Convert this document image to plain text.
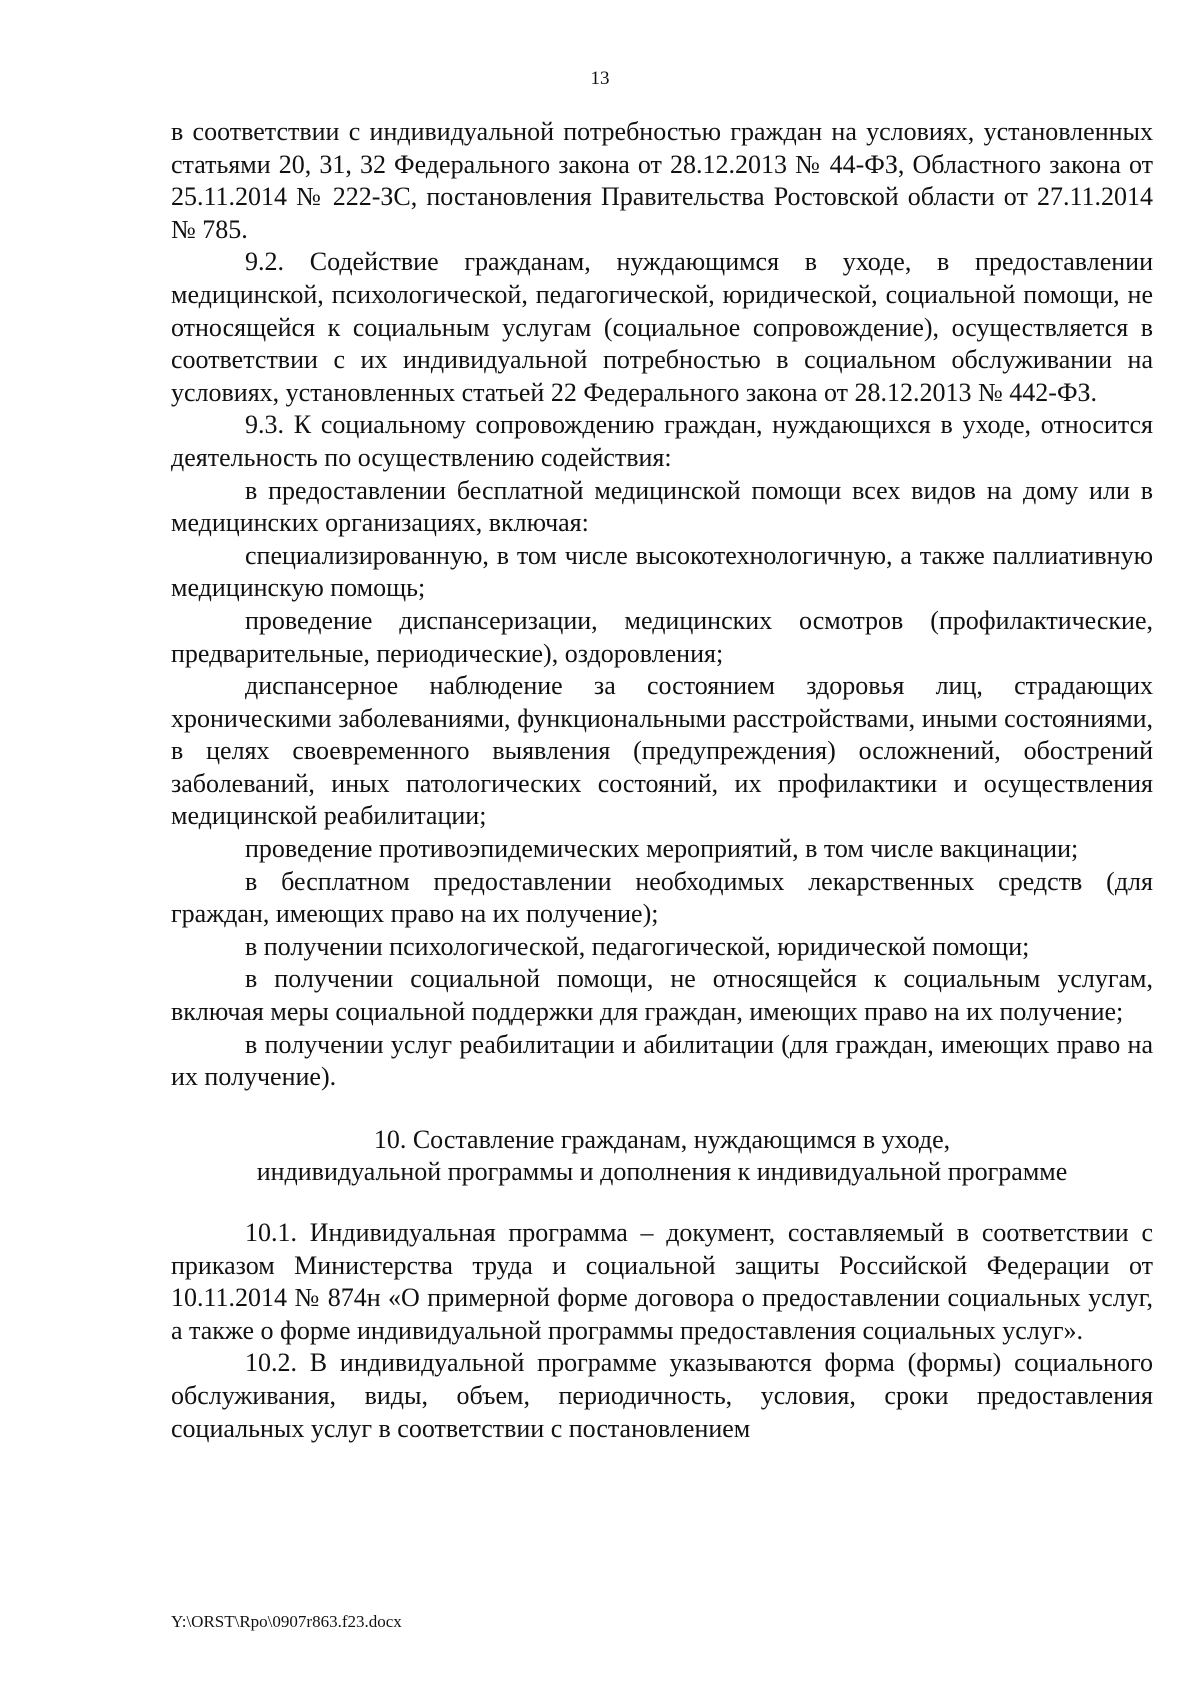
13

в соответствии с индивидуальной потребностью граждан на условиях, установленных статьями 20, 31, 32 Федерального закона от 28.12.2013 № 44-ФЗ, Областного закона от 25.11.2014 № 222-ЗС, постановления Правительства Ростовской области от 27.11.2014 № 785.

9.2. Содействие гражданам, нуждающимся в уходе, в предоставлении медицинской, психологической, педагогической, юридической, социальной помощи, не относящейся к социальным услугам (социальное сопровождение), осуществляется в соответствии с их индивидуальной потребностью в социальном обслуживании на условиях, установленных статьей 22 Федерального закона от 28.12.2013 № 442-ФЗ.

9.3. К социальному сопровождению граждан, нуждающихся в уходе, относится деятельность по осуществлению содействия:

в предоставлении бесплатной медицинской помощи всех видов на дому или в медицинских организациях, включая:

специализированную, в том числе высокотехнологичную, а также паллиативную медицинскую помощь;

проведение диспансеризации, медицинских осмотров (профилактические, предварительные, периодические), оздоровления;

диспансерное наблюдение за состоянием здоровья лиц, страдающих хроническими заболеваниями, функциональными расстройствами, иными состояниями, в целях своевременного выявления (предупреждения) осложнений, обострений заболеваний, иных патологических состояний, их профилактики и осуществления медицинской реабилитации;

проведение противоэпидемических мероприятий, в том числе вакцинации;

в бесплатном предоставлении необходимых лекарственных средств (для граждан, имеющих право на их получение);

в получении психологической, педагогической, юридической помощи;

в получении социальной помощи, не относящейся к социальным услугам, включая меры социальной поддержки для граждан, имеющих право на их получение;

в получении услуг реабилитации и абилитации (для граждан, имеющих право на их получение).

10. Составление гражданам, нуждающимся в уходе,
индивидуальной программы и дополнения к индивидуальной программе

10.1. Индивидуальная программа – документ, составляемый в соответствии с приказом Министерства труда и социальной защиты Российской Федерации от 10.11.2014 № 874н «О примерной форме договора о предоставлении социальных услуг, а также о форме индивидуальной программы предоставления социальных услуг».

10.2. В индивидуальной программе указываются форма (формы) социального обслуживания, виды, объем, периодичность, условия, сроки предоставления социальных услуг в соответствии с постановлением

Y:\ORST\Rpo\0907r863.f23.docx
